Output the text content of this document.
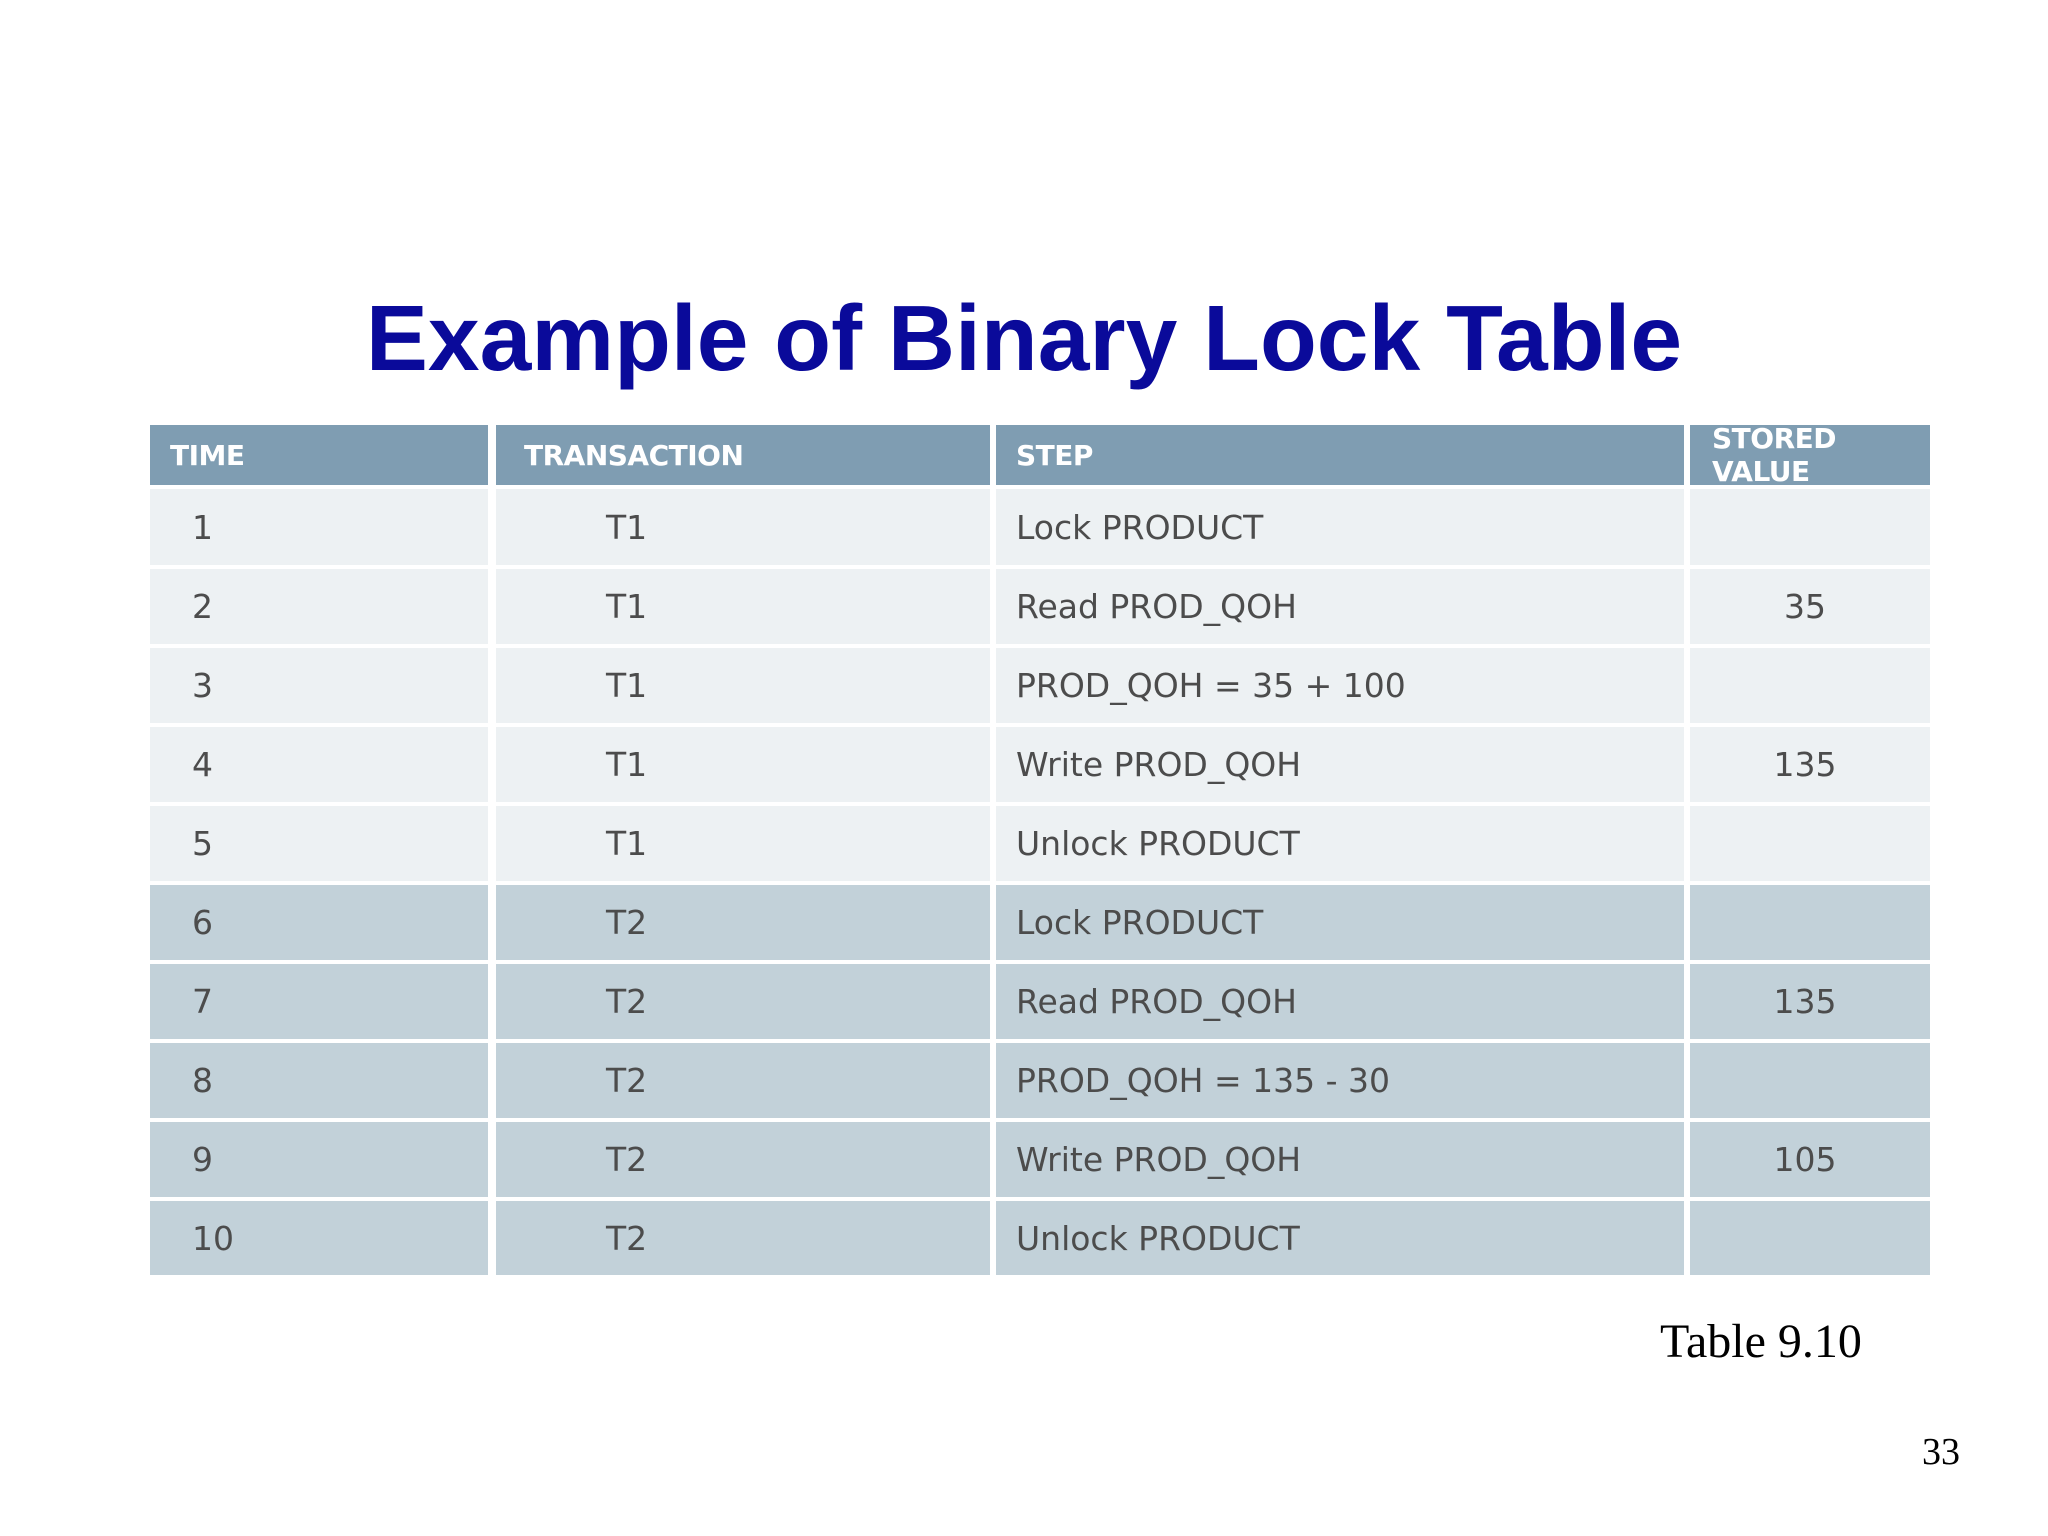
Example of Binary Lock Table
TIME	TRANSACTION	STEP	STORED VALUE
1	T1	Lock PRODUCT
2	T1	Read PROD_QOH	35
3	T1	PROD_QOH = 35 + 100
4	T1	Write PROD_QOH	135
5	T1	Unlock PRODUCT
6	T2	Lock PRODUCT
7	T2	Read PROD_QOH	135
8	T2	PROD_QOH = 135 - 30
9	T2	Write PROD_QOH	105
10	T2	Unlock PRODUCT
Table 9.10
33
